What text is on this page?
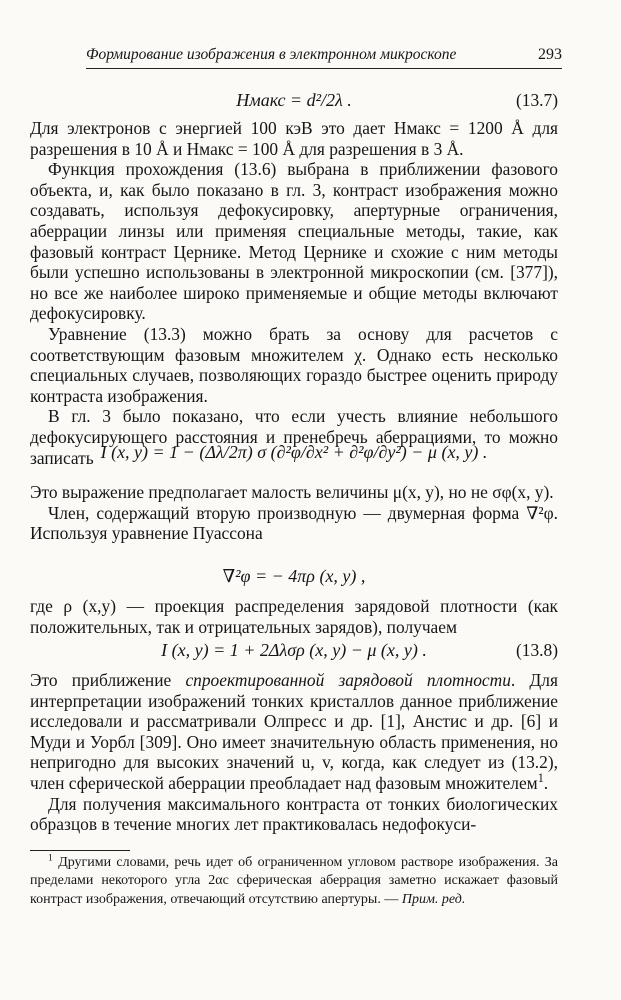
Формирование изображения в электронном микроскопе	293
Hмакс = d²/2λ .	(13.7)

Для электронов с энергией 100 кэВ это дает Hмакс = 1200 Å для разрешения в 10 Å и Hмакс = 100 Å для разрешения в 3 Å.

Функция прохождения (13.6) выбрана в приближении фазового объекта, и, как было показано в гл. 3, контраст изображения можно создавать, используя дефокусировку, апертурные ограничения, аберрации линзы или применяя специальные методы, такие, как фазовый контраст Цернике. Метод Цернике и схожие с ним методы были успешно использованы в электронной микроскопии (см. [377]), но все же наиболее широко применяемые и общие методы включают дефокусировку.

Уравнение (13.3) можно брать за основу для расчетов с соответствующим фазовым множителем χ. Однако есть несколько специальных случаев, позволяющих гораздо быстрее оценить природу контраста изображения.

В гл. 3 было показано, что если учесть влияние небольшого дефокусирующего расстояния и пренебречь аберрациями, то можно записать I (x, y) = 1 − (Δλ/2π) σ (∂²φ/∂x² + ∂²φ/∂y²) − μ (x, y) .

Это выражение предполагает малость величины μ(x, y), но не σφ(x, y).

Член, содержащий вторую производную — двумерная форма ∇²φ. Используя уравнение Пуассона

∇²φ = − 4πρ (x, y) ,

где ρ (x,y) — проекция распределения зарядовой плотности (как положительных, так и отрицательных зарядов), получаем

I (x, y) = 1 + 2Δλσρ (x, y) − μ (x, y) .	(13.8)

Это приближение спроектированной зарядовой плотности. Для интерпретации изображений тонких кристаллов данное приближение исследовали и рассматривали Олпресс и др. [1], Анстис и др. [6] и Муди и Уорбл [309]. Оно имеет значительную область применения, но непригодно для высоких значений u, v, когда, как следует из (13.2), член сферической аберрации преобладает над фазовым множителем$^1$.

Для получения максимального контраста от тонких биологических образцов в течение многих лет практиковалась недофокуси-

$^1$ Другими словами, речь идет об ограниченном угловом растворе изображения. За пределами некоторого угла 2αc сферическая аберрация заметно искажает фазовый контраст изображения, отвечающий отсутствию апертуры. — Прим. ред.
